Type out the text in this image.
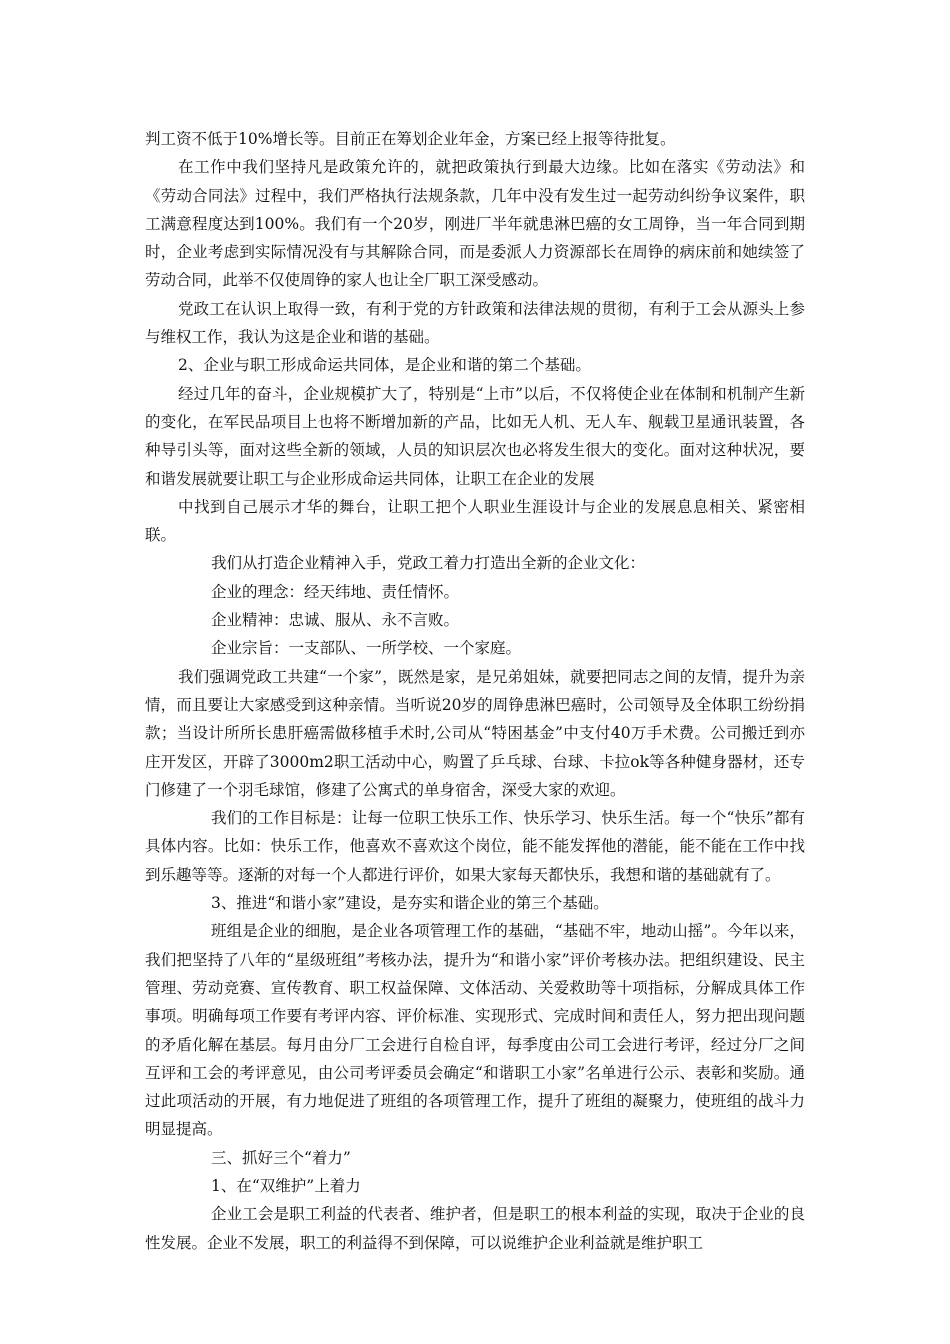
判工资不低于10%增长等。目前正在筹划企业年金，方案已经上报等待批复。

在工作中我们坚持凡是政策允许的，就把政策执行到最大边缘。比如在落实《劳动法》和《劳动合同法》过程中，我们严格执行法规条款，几年中没有发生过一起劳动纠纷争议案件，职工满意程度达到100%。我们有一个20岁，刚进厂半年就患淋巴癌的女工周铮，当一年合同到期时，企业考虑到实际情况没有与其解除合同，而是委派人力资源部长在周铮的病床前和她续签了劳动合同，此举不仅使周铮的家人也让全厂职工深受感动。

党政工在认识上取得一致，有利于党的方针政策和法律法规的贯彻，有利于工会从源头上参与维权工作，我认为这是企业和谐的基础。

2、企业与职工形成命运共同体，是企业和谐的第二个基础。

经过几年的奋斗，企业规模扩大了，特别是“上市”以后，不仅将使企业在体制和机制产生新的变化，在军民品项目上也将不断增加新的产品，比如无人机、无人车、舰载卫星通讯装置，各种导引头等，面对这些全新的领域，人员的知识层次也必将发生很大的变化。面对这种状况，要和谐发展就要让职工与企业形成命运共同体，让职工在企业的发展

中找到自己展示才华的舞台，让职工把个人职业生涯设计与企业的发展息息相关、紧密相联。

我们从打造企业精神入手，党政工着力打造出全新的企业文化：

企业的理念：经天纬地、责任情怀。

企业精神：忠诚、服从、永不言败。

企业宗旨：一支部队、一所学校、一个家庭。

我们强调党政工共建“一个家”，既然是家，是兄弟姐妹，就要把同志之间的友情，提升为亲情，而且要让大家感受到这种亲情。当听说20岁的周铮患淋巴癌时，公司领导及全体职工纷纷捐款；当设计所所长患肝癌需做移植手术时,公司从“特困基金”中支付40万手术费。公司搬迁到亦庄开发区，开辟了3000m2职工活动中心，购置了乒乓球、台球、卡拉ok等各种健身器材，还专门修建了一个羽毛球馆，修建了公寓式的单身宿舍，深受大家的欢迎。

我们的工作目标是：让每一位职工快乐工作、快乐学习、快乐生活。每一个“快乐”都有具体内容。比如：快乐工作，他喜欢不喜欢这个岗位，能不能发挥他的潜能，能不能在工作中找到乐趣等等。逐渐的对每一个人都进行评价，如果大家每天都快乐，我想和谐的基础就有了。

3、推进“和谐小家”建设，是夯实和谐企业的第三个基础。

班组是企业的细胞，是企业各项管理工作的基础，“基础不牢，地动山摇”。今年以来，我们把坚持了八年的“星级班组”考核办法，提升为“和谐小家”评价考核办法。把组织建设、民主管理、劳动竞赛、宣传教育、职工权益保障、文体活动、关爱救助等十项指标，分解成具体工作事项。明确每项工作要有考评内容、评价标准、实现形式、完成时间和责任人，努力把出现问题的矛盾化解在基层。每月由分厂工会进行自检自评，每季度由公司工会进行考评，经过分厂之间互评和工会的考评意见，由公司考评委员会确定“和谐职工小家”名单进行公示、表彰和奖励。通过此项活动的开展，有力地促进了班组的各项管理工作，提升了班组的凝聚力，使班组的战斗力明显提高。

三、抓好三个“着力”

1、在“双维护”上着力

企业工会是职工利益的代表者、维护者，但是职工的根本利益的实现，取决于企业的良性发展。企业不发展，职工的利益得不到保障，可以说维护企业利益就是维护职工
